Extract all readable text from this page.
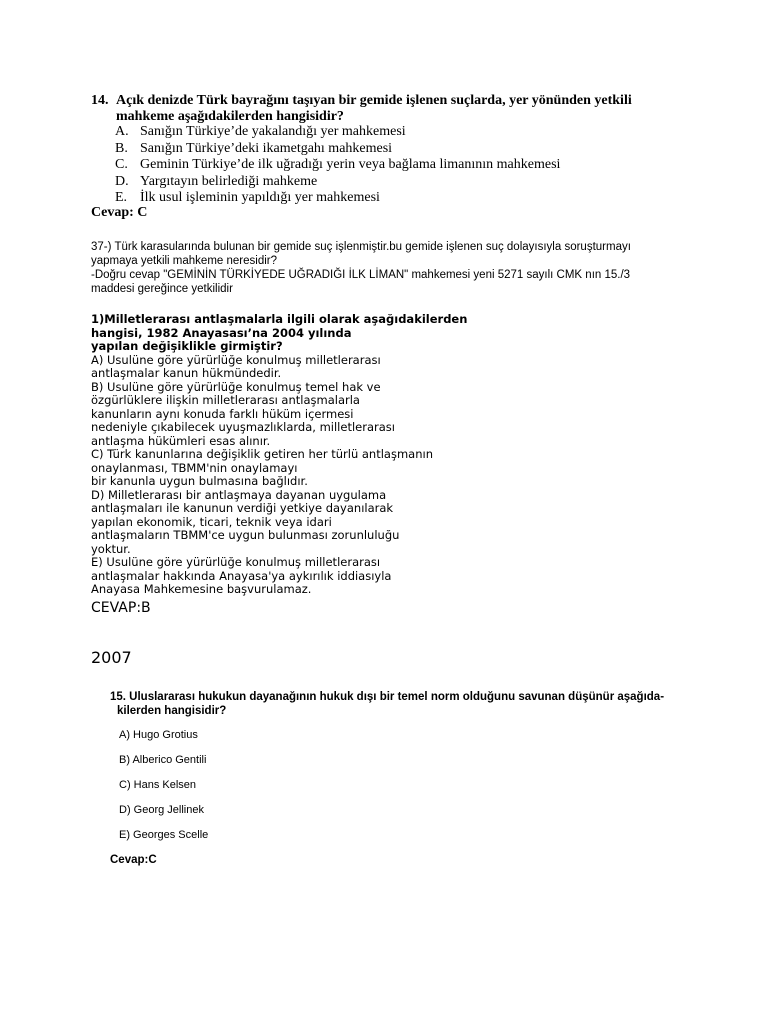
14. Açık denizde Türk bayrağını taşıyan bir gemide işlenen suçlarda, yer yönünden yetkili
mahkeme aşağıdakilerden hangisidir?
A. Sanığın Türkiye’de yakalandığı yer mahkemesi
B. Sanığın Türkiye’deki ikametgahı mahkemesi
C. Geminin Türkiye’de ilk uğradığı yerin veya bağlama limanının mahkemesi
D. Yargıtayın belirlediği mahkeme
E. İlk usul işleminin yapıldığı yer mahkemesi
Cevap: C
37-) Türk karasularında bulunan bir gemide suç işlenmiştir.bu gemide işlenen suç dolayısıyla soruşturmayı
yapmaya yetkili mahkeme neresidir?
-Doğru cevap "GEMİNİN TÜRKİYEDE UĞRADIĞI İLK LİMAN" mahkemesi yeni 5271 sayılı CMK nın 15./3
maddesi gereğince yetkilidir
1)Milletlerarası antlaşmalarla ilgili olarak aşağıdakilerden
hangisi, 1982 Anayasası’na 2004 yılında
yapılan değişiklikle girmiştir?
A) Usulüne göre yürürlüğe konulmuş milletlerarası
antlaşmalar kanun hükmündedir.
B) Usulüne göre yürürlüğe konulmuş temel hak ve
özgürlüklere ilişkin milletlerarası antlaşmalarla
kanunların aynı konuda farklı hüküm içermesi
nedeniyle çıkabilecek uyuşmazlıklarda, milletlerarası
antlaşma hükümleri esas alınır.
C) Türk kanunlarına değişiklik getiren her türlü antlaşmanın
onaylanması, TBMM'nin onaylamayı
bir kanunla uygun bulmasına bağlıdır.
D) Milletlerarası bir antlaşmaya dayanan uygulama
antlaşmaları ile kanunun verdiği yetkiye dayanılarak
yapılan ekonomik, ticari, teknik veya idari
antlaşmaların TBMM'ce uygun bulunması zorunluluğu
yoktur.
E) Usulüne göre yürürlüğe konulmuş milletlerarası
antlaşmalar hakkında Anayasa'ya aykırılık iddiasıyla
Anayasa Mahkemesine başvurulamaz.
CEVAP:B
2007
15. Uluslararası hukukun dayanağının hukuk dışı bir temel norm olduğunu savunan düşünür aşağıda-
kilerden hangisidir?
A) Hugo Grotius
B) Alberico Gentili
C) Hans Kelsen
D) Georg Jellinek
E) Georges Scelle
Cevap:C
